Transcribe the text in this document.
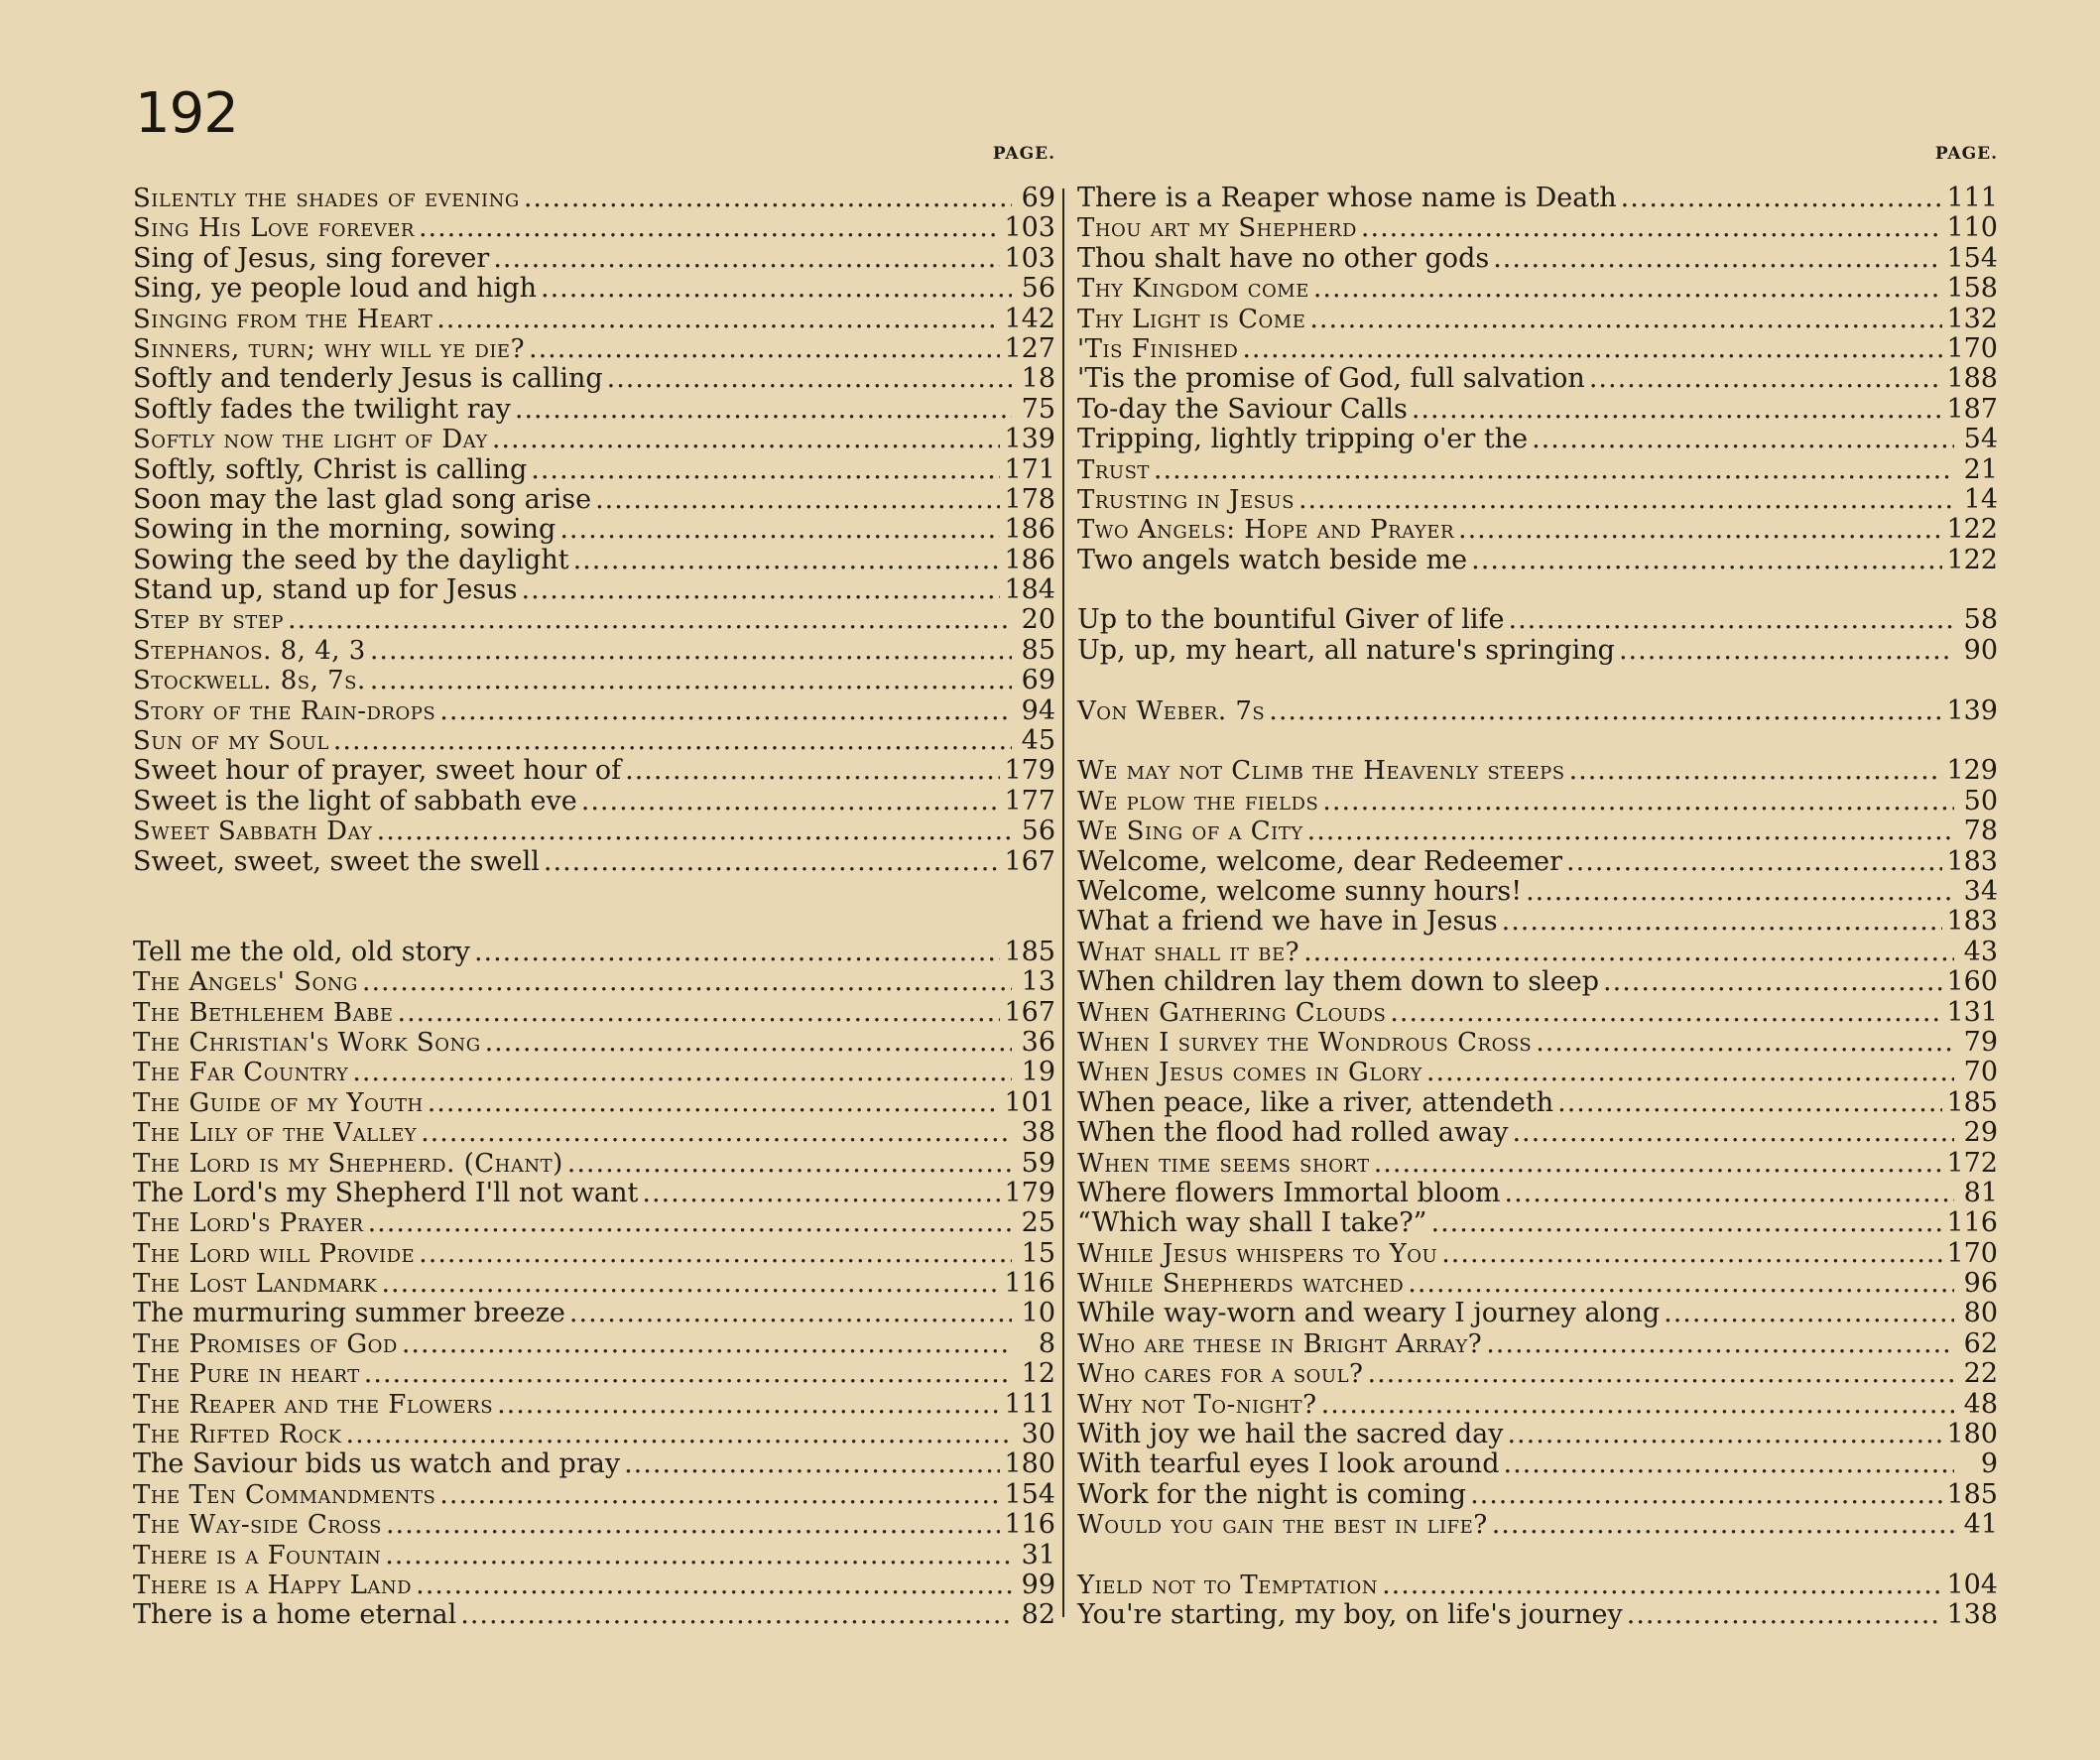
192
PAGE.
Silently the shades of evening .....	69
Sing His Love forever .....	103
Sing of Jesus, sing forever .....	103
Sing, ye people loud and high .....	56
Singing from the Heart .....	142
Sinners, turn; why will ye die? .....	127
Softly and tenderly Jesus is calling .....	18
Softly fades the twilight ray .....	75
Softly now the light of Day .....	139
Softly, softly, Christ is calling .....	171
Soon may the last glad song arise .....	178
Sowing in the morning, sowing .....	186
Sowing the seed by the daylight .....	186
Stand up, stand up for Jesus .....	184
Step by step .....	20
Stephanos. 8, 4, 3 .....	85
Stockwell. 8s, 7s. .....	69
Story of the Rain-drops .....	94
Sun of my Soul .....	45
Sweet hour of prayer, sweet hour of .....	179
Sweet is the light of sabbath eve .....	177
Sweet Sabbath Day .....	56
Sweet, sweet, sweet the swell .....	167
Tell me the old, old story .....	185
The Angels' Song .....	13
The Bethlehem Babe .....	167
The Christian's Work Song .....	36
The Far Country .....	19
The Guide of my Youth .....	101
The Lily of the Valley .....	38
The Lord is my Shepherd. (Chant) .....	59
The Lord's my Shepherd I'll not want .....	179
The Lord's Prayer .....	25
The Lord will Provide .....	15
The Lost Landmark .....	116
The murmuring summer breeze .....	10
The Promises of God .....	8
The Pure in heart .....	12
The Reaper and the Flowers .....	111
The Rifted Rock .....	30
The Saviour bids us watch and pray .....	180
The Ten Commandments .....	154
The Way-side Cross .....	116
There is a Fountain .....	31
There is a Happy Land .....	99
There is a home eternal .....	82
PAGE.
There is a Reaper whose name is Death .....	111
Thou art my Shepherd .....	110
Thou shalt have no other gods .....	154
Thy Kingdom come .....	158
Thy Light is Come .....	132
'Tis Finished .....	170
'Tis the promise of God, full salvation .....	188
To-day the Saviour Calls .....	187
Tripping, lightly tripping o'er the .....	54
Trust .....	21
Trusting in Jesus .....	14
Two Angels: Hope and Prayer .....	122
Two angels watch beside me .....	122
Up to the bountiful Giver of life .....	58
Up, up, my heart, all nature's springing .....	90
Von Weber. 7s .....	139
We may not Climb the Heavenly steeps .....	129
We plow the fields .....	50
We Sing of a City .....	78
Welcome, welcome, dear Redeemer .....	183
Welcome, welcome sunny hours! .....	34
What a friend we have in Jesus .....	183
What shall it be? .....	43
When children lay them down to sleep .....	160
When Gathering Clouds .....	131
When I survey the Wondrous Cross .....	79
When Jesus comes in Glory .....	70
When peace, like a river, attendeth .....	185
When the flood had rolled away .....	29
When time seems short .....	172
Where flowers Immortal bloom .....	81
“Which way shall I take?” .....	116
While Jesus whispers to You .....	170
While Shepherds watched .....	96
While way-worn and weary I journey along .....	80
Who are these in Bright Array? .....	62
Who cares for a soul? .....	22
Why not To-night? .....	48
With joy we hail the sacred day .....	180
With tearful eyes I look around .....	9
Work for the night is coming .....	185
Would you gain the best in life? .....	41
Yield not to Temptation .....	104
You're starting, my boy, on life's journey .....	138
